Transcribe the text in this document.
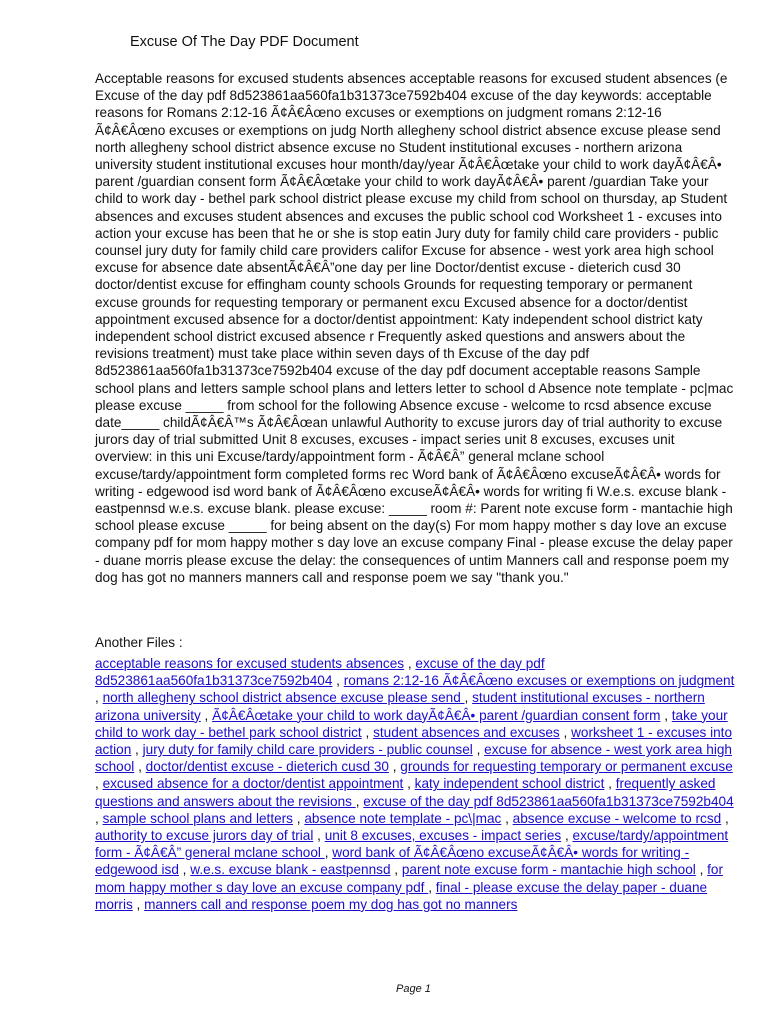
Excuse Of The Day PDF Document

Acceptable reasons for excused students absences acceptable reasons for excused student absences (e Excuse of the day pdf 8d523861aa560fa1b31373ce7592b404 excuse of the day keywords: acceptable reasons for Romans 2:12-16 Ã¢Â€Âœno excuses or exemptions on judgment romans 2:12-16 Ã¢Â€Âœno excuses or exemptions on judg North allegheny school district absence excuse please send north allegheny school district absence excuse no Student institutional excuses - northern arizona university student institutional excuses hour month/day/year Ã¢Â€Âœtake your child to work dayÃ¢Â€Â• parent /guardian consent form Ã¢Â€Âœtake your child to work dayÃ¢Â€Â• parent /guardian Take your child to work day - bethel park school district please excuse my child from school on thursday, ap Student absences and excuses student absences and excuses the public school cod Worksheet 1 - excuses into action your excuse has been that he or she is stop eatin Jury duty for family child care providers - public counsel jury duty for family child care providers califor Excuse for absence - west york area high school excuse for absence date absentÃ¢Â€Â”one day per line Doctor/dentist excuse - dieterich cusd 30 doctor/dentist excuse for effingham county schools Grounds for requesting temporary or permanent excuse grounds for requesting temporary or permanent excu Excused absence for a doctor/dentist appointment excused absence for a doctor/dentist appointment: Katy independent school district katy independent school district excused absence r Frequently asked questions and answers about the revisions treatment) must take place within seven days of th Excuse of the day pdf 8d523861aa560fa1b31373ce7592b404 excuse of the day pdf document acceptable reasons Sample school plans and letters sample school plans and letters letter to school d Absence note template - pc|mac please excuse _____ from school for the following Absence excuse - welcome to rcsd absence excuse date_____ childÃ¢Â€Â™s Ã¢Â€Âœan unlawful Authority to excuse jurors day of trial authority to excuse jurors day of trial submitted Unit 8 excuses, excuses - impact series unit 8 excuses, excuses unit overview: in this uni Excuse/tardy/appointment form - Ã¢Â€Â” general mclane school excuse/tardy/appointment form completed forms rec Word bank of Ã¢Â€Âœno excuseÃ¢Â€Â• words for writing - edgewood isd word bank of Ã¢Â€Âœno excuseÃ¢Â€Â• words for writing fi W.e.s. excuse blank - eastpennsd w.e.s. excuse blank. please excuse: _____ room #: Parent note excuse form - mantachie high school please excuse _____ for being absent on the day(s) For mom happy mother s day love an excuse company pdf for mom happy mother s day love an excuse company Final - please excuse the delay paper - duane morris please excuse the delay: the consequences of untim Manners call and response poem my dog has got no manners manners call and response poem we say "thank you."

Another Files :
acceptable reasons for excused students absences , excuse of the day pdf 8d523861aa560fa1b31373ce7592b404 , romans 2:12-16 Ã¢Â€Âœno excuses or exemptions on judgment , north allegheny school district absence excuse please send , student institutional excuses - northern arizona university , Ã¢Â€Âœtake your child to work dayÃ¢Â€Â• parent /guardian consent form , take your child to work day - bethel park school district , student absences and excuses , worksheet 1 - excuses into action , jury duty for family child care providers - public counsel , excuse for absence - west york area high school , doctor/dentist excuse - dieterich cusd 30 , grounds for requesting temporary or permanent excuse , excused absence for a doctor/dentist appointment , katy independent school district , frequently asked questions and answers about the revisions , excuse of the day pdf 8d523861aa560fa1b31373ce7592b404 , sample school plans and letters , absence note template - pc\|mac , absence excuse - welcome to rcsd , authority to excuse jurors day of trial , unit 8 excuses, excuses - impact series , excuse/tardy/appointment form - Ã¢Â€Â” general mclane school , word bank of Ã¢Â€Âœno excuseÃ¢Â€Â• words for writing - edgewood isd , w.e.s. excuse blank - eastpennsd , parent note excuse form - mantachie high school , for mom happy mother s day love an excuse company pdf , final - please excuse the delay paper - duane morris , manners call and response poem my dog has got no manners
Page 1
